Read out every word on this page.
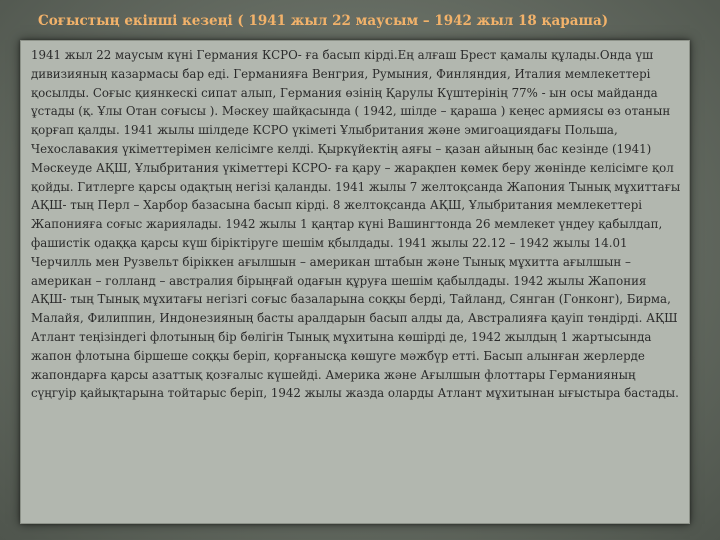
Соғыстың екінші кезеңі ( 1941 жыл 22 маусым – 1942 жыл 18 қараша)

1941 жыл 22 маусым күні Германия КСРО- ға басып кірді.Ең алғаш Брест қамалы құлады.Онда үш дивизияның казармасы бар еді. Германияға Венгрия, Румыния, Финляндия, Италия мемлекеттері қосылды. Соғыс қиянкескі сипат алып, Германия өзінің Қарулы Күштерінің 77% - ын осы майданда ұстады (қ. Ұлы Отан соғысы ). Мәскеу шайқасында ( 1942, шілде – қараша ) кеңес армиясы өз отанын қорғап қалды. 1941 жылы шілдеде КСРО үкіметі Ұлыбритания және эмигоациядағы Польша, Чехославакия үкіметтерімен келісімге келді. Қыркүйектің аяғы – қазан айының бас кезінде (1941) Мәскеуде АҚШ, Ұлыбритания үкіметтері КСРО- ға қару – жарақпен көмек беру жөнінде келісімге қол қойды. Гитлерге қарсы одақтың негізі қаланды. 1941 жылы 7 желтоқсанда Жапония Тынық мұхиттағы АҚШ- тың Перл – Харбор базасына басып кірді. 8 желтоқсанда АҚШ, Ұлыбритания мемлекеттері Жапонияға соғыс жариялады. 1942 жылы 1 қаңтар күні Вашингтонда 26 мемлекет үндеу қабылдап, фашистік одаққа қарсы күш біріктіруге шешім қбылдады. 1941 жылы 22.12 – 1942 жылы 14.01 Черчилль мен Рузвельт біріккен ағылшын – американ штабын және Тынық мұхитта ағылшын – американ – голланд – австралия бірыңғай одағын құруға шешім қабылдады. 1942 жылы Жапония АҚШ- тың Тынық мұхитағы негізгі соғыс базаларына соққы берді, Тайланд, Сянган (Гонконг), Бирма, Малайя, Филиппин, Индонезияның басты аралдарын басып алды да, Австралияға қауіп төндірді. АҚШ Атлант теңізіндегі флотының бір бөлігін Тынық мұхитына көшірді де, 1942 жылдың 1 жартысында жапон флотына біршеше соққы беріп, қорғанысқа көшуге мәжбүр етті. Басып алынған жерлерде жапондарға қарсы азаттық қозғалыс күшейді. Америка және Ағылшын флоттары Германияның сүңгуір қайықтарына тойтарыс беріп, 1942 жылы жазда оларды Атлант мұхитынан ығыстыра бастады.
